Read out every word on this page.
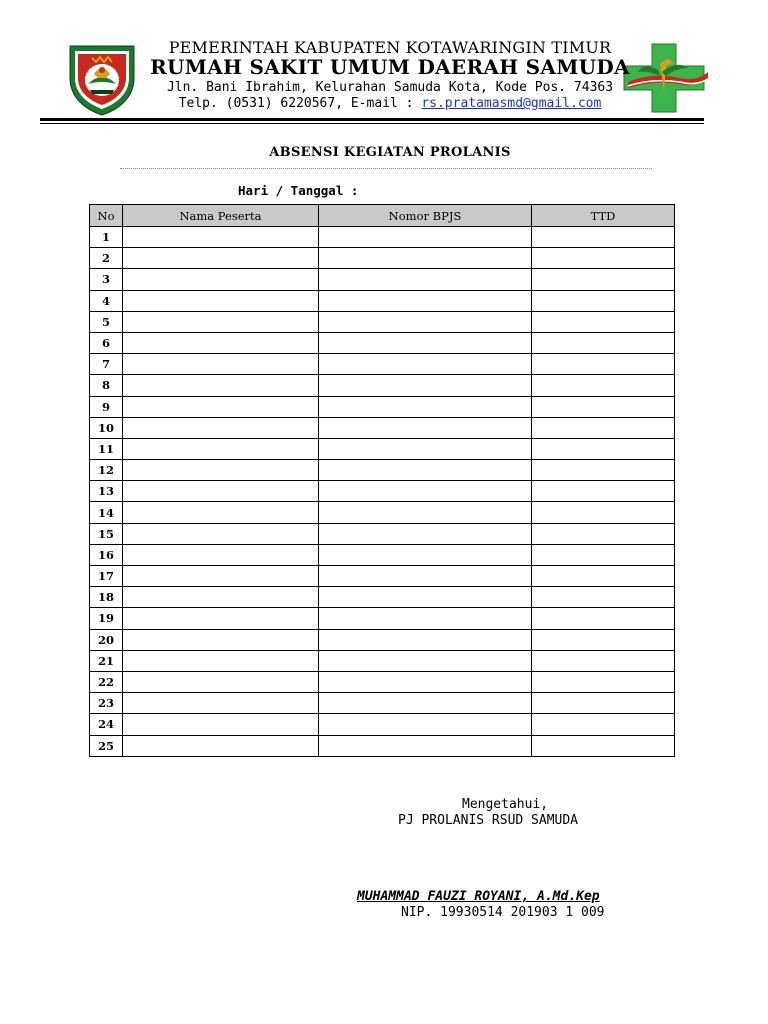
PEMERINTAH KABUPATEN KOTAWARINGIN TIMUR
RUMAH SAKIT UMUM DAERAH SAMUDA
Jln. Bani Ibrahim, Kelurahan Samuda Kota, Kode Pos. 74363
Telp. (0531) 6220567, E-mail : rs.pratamasmd@gmail.com
ABSENSI KEGIATAN PROLANIS
Hari / Tanggal :
No	Nama Peserta	Nomor BPJS	TTD
1			
2			
3			
4			
5			
6			
7			
8			
9			
10			
11			
12			
13			
14			
15			
16			
17			
18			
19			
20			
21			
22			
23			
24			
25			
Mengetahui,
PJ PROLANIS RSUD SAMUDA
MUHAMMAD FAUZI ROYANI, A.Md.Kep
NIP. 19930514 201903 1 009
